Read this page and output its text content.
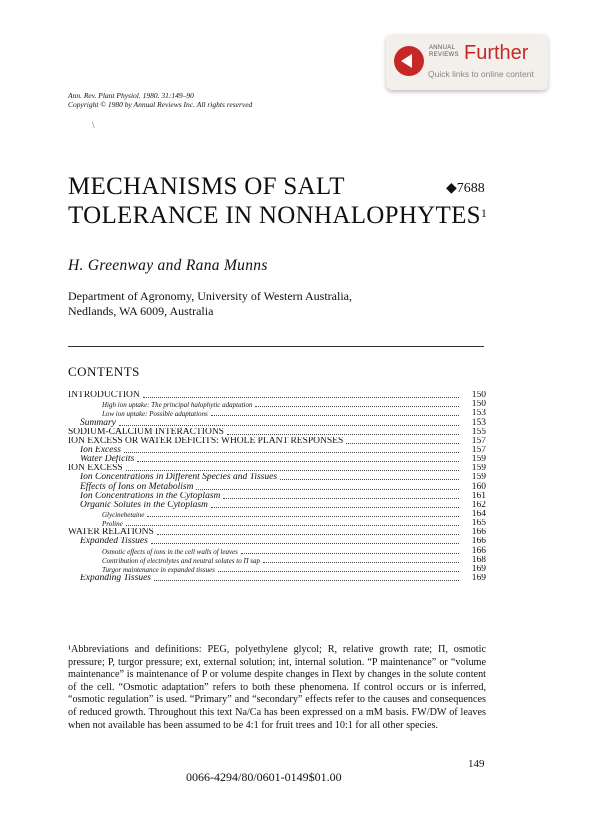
ANNUAL
REVIEWS Further
Quick links to online content
Ann. Rev. Plant Physiol. 1980. 31:149–90
Copyright © 1980 by Annual Reviews Inc. All rights reserved
\
MECHANISMS OF SALT
TOLERANCE IN NONHALOPHYTES$^1$
◆7688
H. Greenway and Rana Munns
Department of Agronomy, University of Western Australia,
Nedlands, WA 6009, Australia
CONTENTS
INTRODUCTION	150
High ion uptake: The principal halophytic adaptation	150
Low ion uptake: Possible adaptations	153
Summary	153
SODIUM-CALCIUM INTERACTIONS	155
ION EXCESS OR WATER DEFICITS: WHOLE PLANT RESPONSES	157
Ion Excess	157
Water Deficits	159
ION EXCESS	159
Ion Concentrations in Different Species and Tissues	159
Effects of Ions on Metabolism	160
Ion Concentrations in the Cytoplasm	161
Organic Solutes in the Cytoplasm	162
Glycinebetaine	164
Proline	165
WATER RELATIONS	166
Expanded Tissues	166
Osmotic effects of ions in the cell walls of leaves	166
Contribution of electrolytes and neutral solutes to Π sap	168
Turgor maintenance in expanded tissues	169
Expanding Tissues	169
¹Abbreviations and definitions: PEG, polyethylene glycol; R, relative growth rate; Π, osmotic pressure; P, turgor pressure; ext, external solution; int, internal solution. “P maintenance” or “volume maintenance” is maintenance of P or volume despite changes in Πext by changes in the solute content of the cell. “Osmotic adaptation” refers to both these phenomena. If control occurs or is inferred, “osmotic regulation” is used. “Primary” and “secondary” effects refer to the causes and consequences of reduced growth. Throughout this text Na/Ca has been expressed on a mM basis. FW/DW of leaves when not available has been assumed to be 4:1 for fruit trees and 10:1 for all other species.
149
0066-4294/80/0601-0149$01.00
